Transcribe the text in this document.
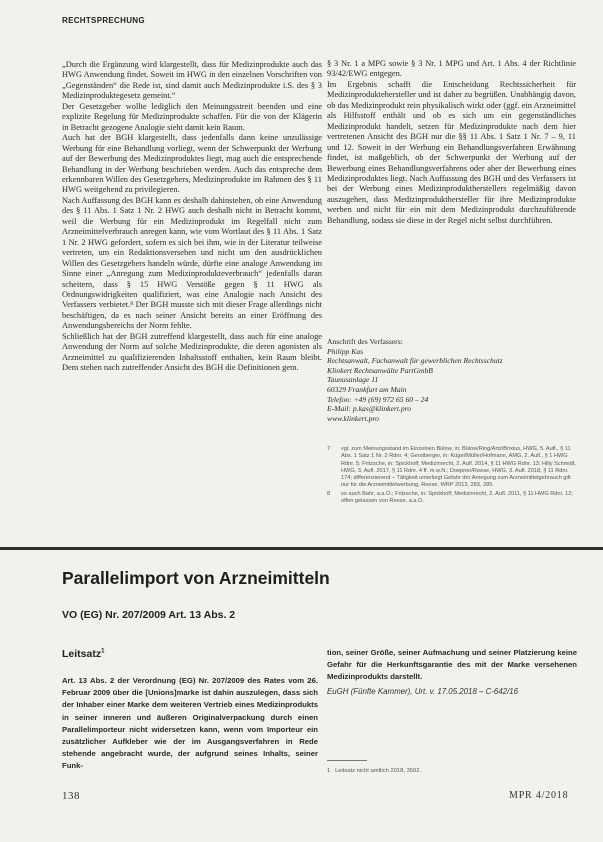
RECHTSPRECHUNG

„Durch die Ergänzung wird klargestellt, dass für Medizinprodukte auch das HWG Anwendung findet. Soweit im HWG in den einzelnen Vorschriften von „Gegenständen“ die Rede ist, sind damit auch Medizinprodukte i.S. des § 3 Medizinproduktegesetz gemeint.“

Der Gesetzgeber wollte lediglich den Meinungsstreit beenden und eine explizite Regelung für Medizinprodukte schaffen. Für die von der Klägerin in Betracht gezogene Analogie sieht damit kein Raum.

Auch hat der BGH klargestellt, dass jedenfalls dann keine unzulässige Werbung für eine Behandlung vorliegt, wenn der Schwerpunkt der Werbung auf der Bewerbung des Medizinproduktes liegt, mag auch die entsprechende Behandlung in der Werbung beschrieben werden. Auch das entspreche dem erkennbaren Willen des Gesetzgebers, Medizinprodukte im Rahmen des § 11 HWG weitgehend zu privilegieren.

Nach Auffassung des BGH kann es deshalb dahinstehen, ob eine Anwendung des § 11 Abs. 1 Satz 1 Nr. 2 HWG auch deshalb nicht in Betracht kommt, weil die Werbung für ein Medizinprodukt im Regelfall nicht zum Arzneimittelverbrauch anregen kann, wie vom Wortlaut des § 11 Abs. 1 Satz 1 Nr. 2 HWG gefordert, sofern es sich bei ihm, wie in der Literatur teilweise vertreten, um ein Redaktionsversehen und nicht um den ausdrücklichen Willen des Gesetzgebers handeln würde, dürfte eine analoge Anwendung im Sinne einer „Anregung zum Medizinprodukteverbrauch“ jedenfalls daran scheitern, dass § 15 HWG Verstöße gegen § 11 HWG als Ordnungswidrigkeiten qualifiziert, was eine Analogie nach Ansicht des Verfassers verbietet.⁸ Der BGH musste sich mit dieser Frage allerdings nicht beschäftigen, da es nach seiner Ansicht bereits an einer Eröffnung des Anwendungsbereichs der Norm fehlte.

Schließlich hat der BGH zutreffend klargestellt, dass auch für eine analoge Anwendung der Norm auf solche Medizinprodukte, die deren agonisten als Arzneimittel zu qualifizierenden Inhaltsstoff enthalten, kein Raum bleibt. Dem stehen nach zutreffender Ansicht des BGH die Definitionen gem.

§ 3 Nr. 1 a MPG sowie § 3 Nr. 1 MPG und Art. 1 Abs. 4 der Richtlinie 93/42/EWG entgegen.

Im Ergebnis schafft die Entscheidung Rechtssicherheit für Medizinproduktehersteller und ist daher zu begrüßen. Unabhängig davon, ob das Medizinprodukt rein physikalisch wirkt oder (ggf. ein Arzneimittel als Hilfsstoff enthält und ob es sich um ein gegenständliches Medizinprodukt handelt, setzen für Medizinprodukte nach dem hier vertretenen Ansicht des BGH nur die §§ 11 Abs. 1 Satz 1 Nr. 7 – 9, 11 und 12. Soweit in der Werbung ein Behandlungsverfahren Erwähnung findet, ist maßgeblich, ob der Schwerpunkt der Werbung auf der Bewerbung eines Behandlungsverfahrens oder aber der Bewerbung eines Medizinproduktes liegt. Nach Auffassung des BGH und des Verfassers ist bei der Werbung eines Medizinproduktherstellers regelmäßig davon auszugehen, dass Medizinprodukthersteller für ihre Medizinprodukte werben und nicht für ein mit dem Medizinprodukt durchzuführende Behandlung, sodass sie diese in der Regel nicht selbst durchführen.

Anschrift des Verfassers:
Philipp Kas
Rechtsanwalt, Fachanwalt für gewerblichen Rechtsschutz
Klinkert Rechtsanwälte PartGmbB
Taunusanlage 11
60329 Frankfurt am Main
Telefon: +49 (69) 972 65 60 – 24
E-Mail: p.kas@klinkert.pro
www.klinkert.pro
7	vgl. zum Meinungsstand im Einzelnen Bülow, in: Bülow/Ring/Artz/Brixius, HWG, 5. Aufl., § 11 Abs. 1 Satz 1 Nr. 2 Rdnr. 4; Gerstberger, in: Kügel/Müller/Hofmann, AMG, 2. Aufl., § 1 HWG Rdnr. 5; Fritzsche, in: Spickhoff, Medizinrecht, 2. Aufl. 2014, § 11 HWG Rdnr. 13; Hilly Schmidt, HWG, 3. Aufl. 2017, § 11 Rdnr. 4 ff. m.w.N.; Doepner/Reese, HWG, 3. Aufl. 2018, § 11 Rdnr. 174; differenzierend – Tätigkeit unterliegt Gefahr der Anregung zum Arzneimittelgebrauch gilt nur für die Arzneimittelwerbung, Reese, WRP 2013, 283, 285.
8	so auch Bahr, a.a.O.; Fritzsche, in: Spickhoff, Medizinrecht, 2. Aufl. 2011, § 11 HWG Rdnr. 12; offen gelassen von Reese, a.a.O.
Parallelimport von Arzneimitteln
VO (EG) Nr. 207/2009 Art. 13 Abs. 2
Leitsatz$^1$
Art. 13 Abs. 2 der Verordnung (EG) Nr. 207/2009 des Rates vom 26. Februar 2009 über die [Unions]marke ist dahin auszulegen, dass sich der Inhaber einer Marke dem weiteren Vertrieb eines Medizinprodukts in seiner inneren und äußeren Originalverpackung durch einen Parallelimporteur nicht widersetzen kann, wenn vom Importeur ein zusätzlicher Aufkleber wie der im Ausgangsverfahren in Rede stehende angebracht wurde, der aufgrund seines Inhalts, seiner Funk-
tion, seiner Größe, seiner Aufmachung und seiner Platzierung keine Gefahr für die Herkunftsgarantie des mit der Marke versehenen Medizinprodukts darstellt.
EuGH (Fünfte Kammer), Urt. v. 17.05.2018 – C-642/16
1 Leitsatz nicht amtlich 2018, 3502.
138	MPR 4/2018
